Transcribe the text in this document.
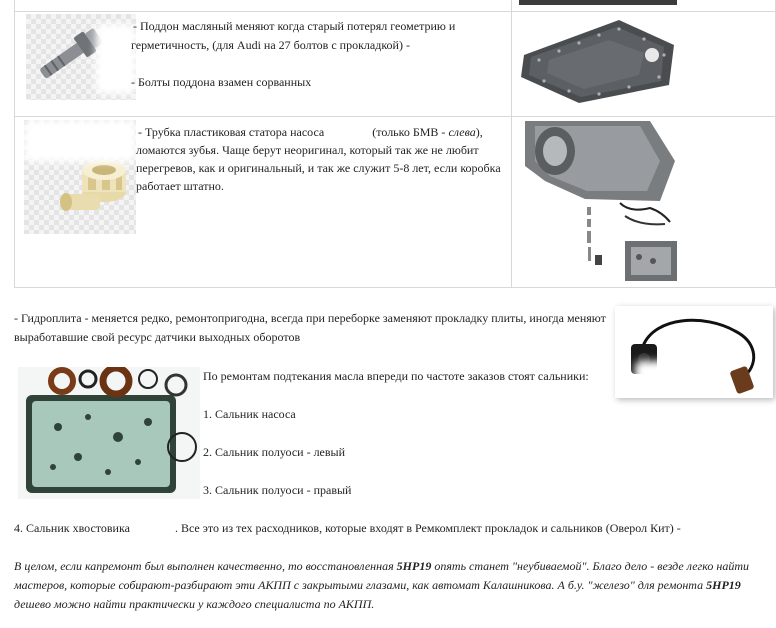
- Поддон масляный меняют когда старый потерял геометрию и
герметичность, (для Audi на 27 болтов с прокладкой) -
- Болты поддона взамен сорванных
- Трубка пластиковая статора насоса	(только БМВ - слева),
ломаются зубья. Чаще берут неоригинал, который так же не любит
перегревов, как и оригинальный, и так же служит 5-8 лет, если коробка
работает штатно.
- Гидроплита - меняется редко, ремонтопригодна, всегда при переборке заменяют прокладку плиты, иногда меняют
выработавшие свой ресурс датчики выходных оборотов
По ремонтам подтекания масла впереди по частоте заказов стоят сальники:
1. Сальник насоса
2. Сальник полуоси - левый
3. Сальник полуоси - правый
4. Сальник хвостовика	. Все это из тех расходников, которые входят в Ремкомплект прокладок и сальников (Оверол Кит) -
В целом, если капремонт был выполнен качественно, то восстановленная 5HP19 опять станет "неубиваемой". Благо дело - везде легко найти
мастеров, которые собирают-разбирают эти АКПП с закрытыми глазами, как автомат Калашникова. А б.у. "железо" для ремонта 5HP19
дешево можно найти практически у каждого специалиста по АКПП.
